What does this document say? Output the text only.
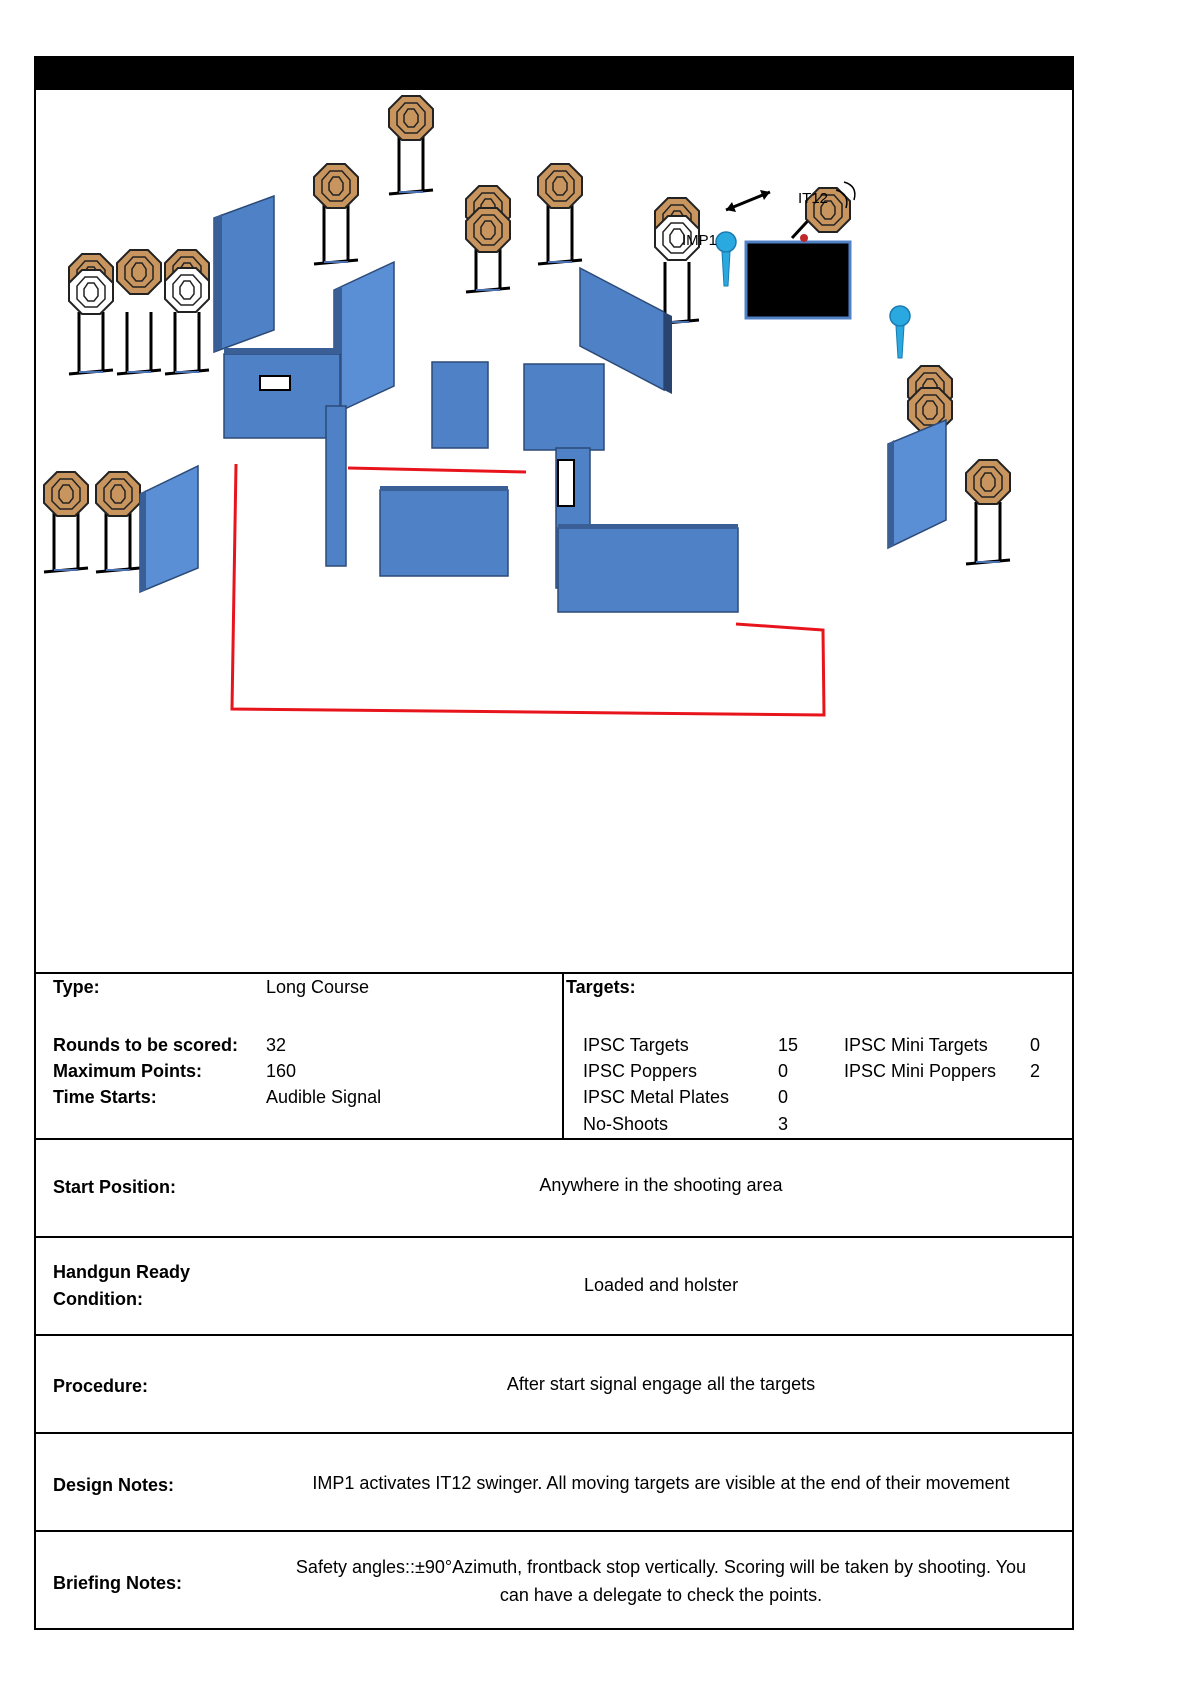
IMP1
IT12
Type:	Long Course
Rounds to be scored: 32
Maximum Points:	160
Time Starts:	Audible Signal
Targets:
IPSC Targets	15
IPSC Poppers	0
IPSC Metal Plates	0
No-Shoots	3
IPSC Mini Targets 0
IPSC Mini Poppers 2
Start Position:	Anywhere in the shooting area
Handgun Ready
Condition:
Loaded and holster
Procedure:	After start signal engage all the targets
Design Notes:	IMP1 activates IT12 swinger. All moving targets are visible at the end of their movement
Briefing Notes:
Safety angles::±90°Azimuth, frontback stop vertically. Scoring will be taken by shooting. You
can have a delegate to check the points.
